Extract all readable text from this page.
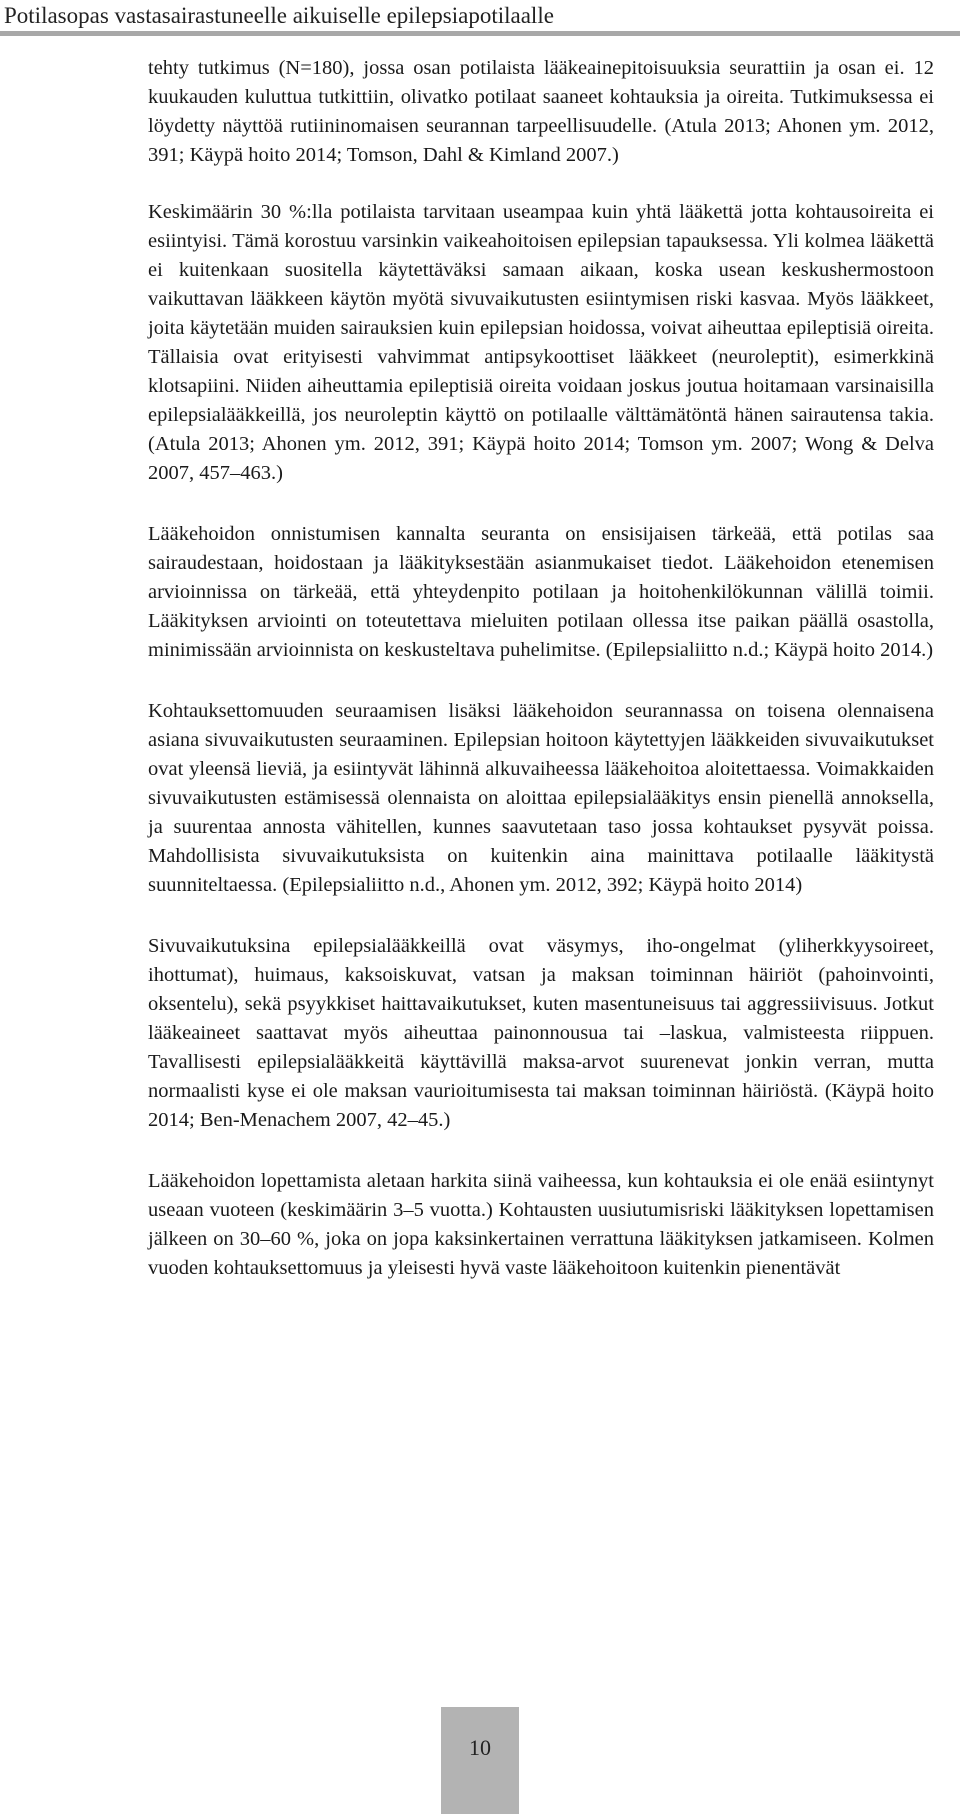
Potilasopas vastasairastuneelle aikuiselle epilepsiapotilaalle

tehty tutkimus (N=180), jossa osan potilaista lääkeainepitoisuuksia seurattiin ja osan ei. 12 kuukauden kuluttua tutkittiin, olivatko potilaat saaneet kohtauksia ja oireita. Tutkimuksessa ei löydetty näyttöä rutiininomaisen seurannan tarpeellisuudelle. (Atula 2013; Ahonen ym. 2012, 391; Käypä hoito 2014; Tomson, Dahl & Kimland 2007.)

Keskimäärin 30 %:lla potilaista tarvitaan useampaa kuin yhtä lääkettä jotta kohtausoireita ei esiintyisi. Tämä korostuu varsinkin vaikeahoitoisen epilepsian tapauksessa. Yli kolmea lääkettä ei kuitenkaan suositella käytettäväksi samaan aikaan, koska usean keskushermostoon vaikuttavan lääkkeen käytön myötä sivuvaikutusten esiintymisen riski kasvaa. Myös lääkkeet, joita käytetään muiden sairauksien kuin epilepsian hoidossa, voivat aiheuttaa epileptisiä oireita. Tällaisia ovat erityisesti vahvimmat antipsykoottiset lääkkeet (neuroleptit), esimerkkinä klotsapiini. Niiden aiheuttamia epileptisiä oireita voidaan joskus joutua hoitamaan varsinaisilla epilepsialääkkeillä, jos neuroleptin käyttö on potilaalle välttämätöntä hänen sairautensa takia. (Atula 2013; Ahonen ym. 2012, 391; Käypä hoito 2014; Tomson ym. 2007; Wong & Delva 2007, 457–463.)

Lääkehoidon onnistumisen kannalta seuranta on ensisijaisen tärkeää, että potilas saa sairaudestaan, hoidostaan ja lääkityksestään asianmukaiset tiedot. Lääkehoidon etenemisen arvioinnissa on tärkeää, että yhteydenpito potilaan ja hoitohenkilökunnan välillä toimii. Lääkityksen arviointi on toteutettava mieluiten potilaan ollessa itse paikan päällä osastolla, minimissään arvioinnista on keskusteltava puhelimitse. (Epilepsialiitto n.d.; Käypä hoito 2014.)

Kohtauksettomuuden seuraamisen lisäksi lääkehoidon seurannassa on toisena olennaisena asiana sivuvaikutusten seuraaminen. Epilepsian hoitoon käytettyjen lääkkeiden sivuvaikutukset ovat yleensä lieviä, ja esiintyvät lähinnä alkuvaiheessa lääkehoitoa aloitettaessa. Voimakkaiden sivuvaikutusten estämisessä olennaista on aloittaa epilepsialääkitys ensin pienellä annoksella, ja suurentaa annosta vähitellen, kunnes saavutetaan taso jossa kohtaukset pysyvät poissa. Mahdollisista sivuvaikutuksista on kuitenkin aina mainittava potilaalle lääkitystä suunniteltaessa. (Epilepsialiitto n.d., Ahonen ym. 2012, 392; Käypä hoito 2014)

Sivuvaikutuksina epilepsialääkkeillä ovat väsymys, iho-ongelmat (yliherkkyysoireet, ihottumat), huimaus, kaksoiskuvat, vatsan ja maksan toiminnan häiriöt (pahoinvointi, oksentelu), sekä psyykkiset haittavaikutukset, kuten masentuneisuus tai aggressiivisuus. Jotkut lääkeaineet saattavat myös aiheuttaa painonnousua tai –laskua, valmisteesta riippuen. Tavallisesti epilepsialääkkeitä käyttävillä maksa-arvot suurenevat jonkin verran, mutta normaalisti kyse ei ole maksan vaurioitumisesta tai maksan toiminnan häiriöstä. (Käypä hoito 2014; Ben-Menachem 2007, 42–45.)

Lääkehoidon lopettamista aletaan harkita siinä vaiheessa, kun kohtauksia ei ole enää esiintynyt useaan vuoteen (keskimäärin 3–5 vuotta.) Kohtausten uusiutumisriski lääkityksen lopettamisen jälkeen on 30–60 %, joka on jopa kaksinkertainen verrattuna lääkityksen jatkamiseen. Kolmen vuoden kohtauksettomuus ja yleisesti hyvä vaste lääkehoitoon kuitenkin pienentävät

10
